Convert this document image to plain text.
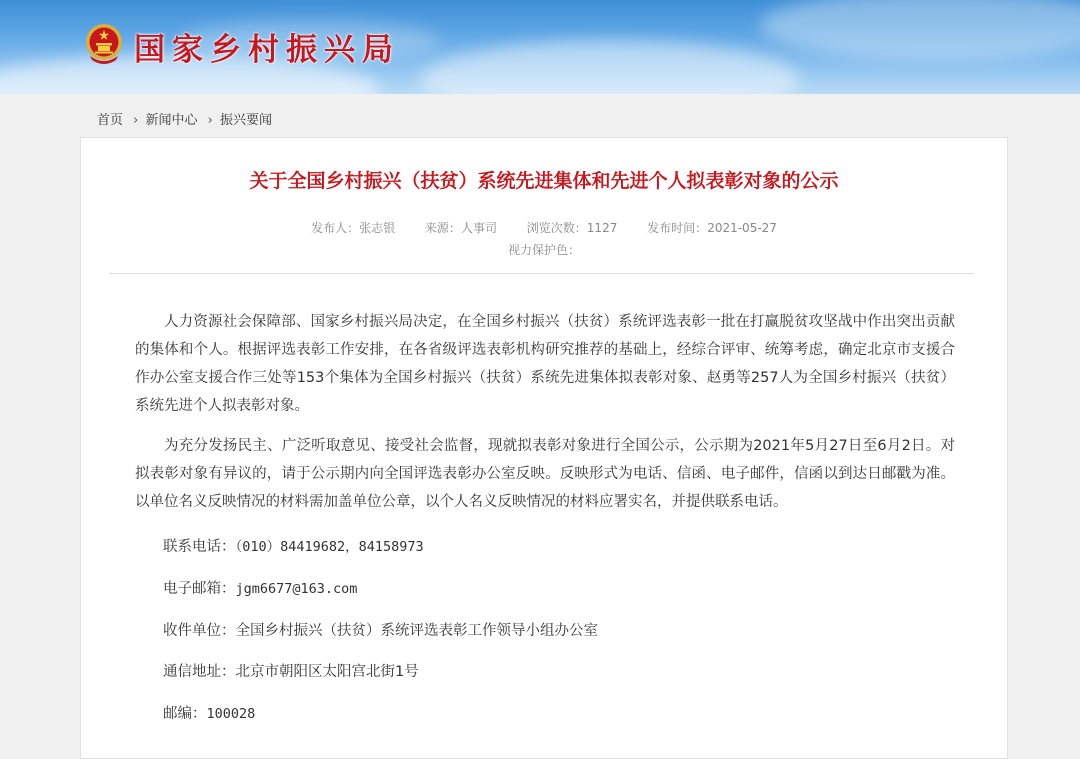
国家乡村振兴局
首页 › 新闻中心 › 振兴要闻
关于全国乡村振兴（扶贫）系统先进集体和先进个人拟表彰对象的公示
发布人：张志银 来源：人事司 浏览次数：1127 发布时间：2021-05-27
视力保护色：

人力资源社会保障部、国家乡村振兴局决定，在全国乡村振兴（扶贫）系统评选表彰一批在打赢脱贫攻坚战中作出突出贡献的集体和个人。根据评选表彰工作安排，在各省级评选表彰机构研究推荐的基础上，经综合评审、统筹考虑，确定北京市支援合作办公室支援合作三处等153个集体为全国乡村振兴（扶贫）系统先进集体拟表彰对象、赵勇等257人为全国乡村振兴（扶贫）系统先进个人拟表彰对象。

为充分发扬民主、广泛听取意见、接受社会监督，现就拟表彰对象进行全国公示，公示期为2021年5月27日至6月2日。对拟表彰对象有异议的，请于公示期内向全国评选表彰办公室反映。反映形式为电话、信函、电子邮件，信函以到达日邮戳为准。以单位名义反映情况的材料需加盖单位公章，以个人名义反映情况的材料应署实名，并提供联系电话。

联系电话：（010）84419682，84158973
电子邮箱：jgm6677@163.com
收件单位：全国乡村振兴（扶贫）系统评选表彰工作领导小组办公室
通信地址：北京市朝阳区太阳宫北街1号
邮编：100028
